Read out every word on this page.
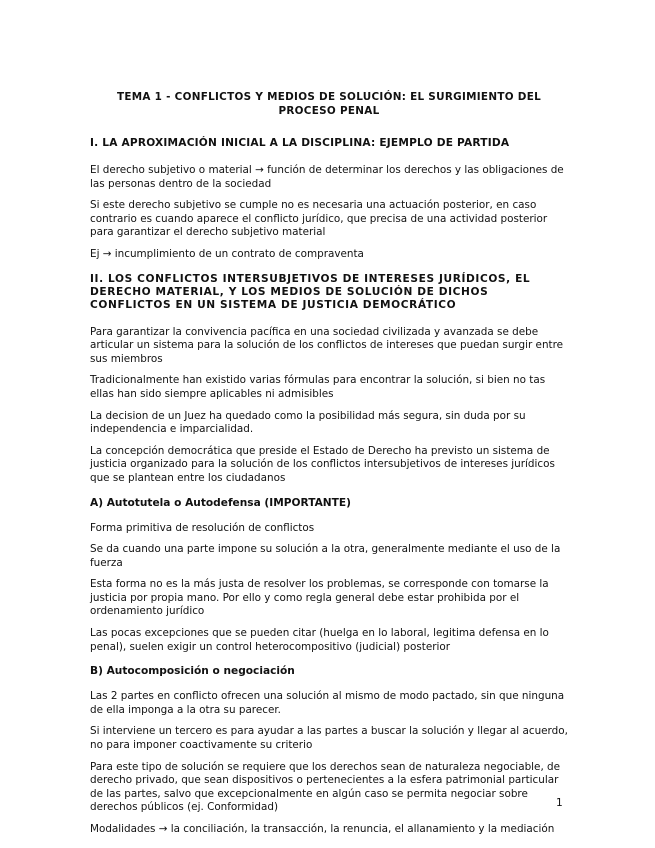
TEMA 1 - CONFLICTOS Y MEDIOS DE SOLUCIÓN: EL SURGIMIENTO DEL PROCESO PENAL
I. LA APROXIMACIÓN INICIAL A LA DISCIPLINA: EJEMPLO DE PARTIDA

El derecho subjetivo o material → función de determinar los derechos y las obligaciones de las personas dentro de la sociedad

Si este derecho subjetivo se cumple no es necesaria una actuación posterior, en caso contrario es cuando aparece el conflicto jurídico, que precisa de una actividad posterior para garantizar el derecho subjetivo material

Ej → incumplimiento de un contrato de compraventa

II. LOS CONFLICTOS INTERSUBJETIVOS DE INTERESES JURÍDICOS, EL DERECHO MATERIAL, Y LOS MEDIOS DE SOLUCIÓN DE DICHOS CONFLICTOS EN UN SISTEMA DE JUSTICIA DEMOCRÁTICO

Para garantizar la convivencia pacífica en una sociedad civilizada y avanzada se debe articular un sistema para la solución de los conflictos de intereses que puedan surgir entre sus miembros

Tradicionalmente han existido varias fórmulas para encontrar la solución, si bien no tas ellas han sido siempre aplicables ni admisibles

La decision de un Juez ha quedado como la posibilidad más segura, sin duda por su independencia e imparcialidad.

La concepción democrática que preside el Estado de Derecho ha previsto un sistema de justicia organizado para la solución de los conflictos intersubjetivos de intereses jurídicos que se plantean entre los ciudadanos

A) Autotutela o Autodefensa (IMPORTANTE)

Forma primitiva de resolución de conflictos

Se da cuando una parte impone su solución a la otra, generalmente mediante el uso de la fuerza

Esta forma no es la más justa de resolver los problemas, se corresponde con tomarse la justicia por propia mano. Por ello y como regla general debe estar prohibida por el ordenamiento jurídico

Las pocas excepciones que se pueden citar (huelga en lo laboral, legitima defensa en lo penal), suelen exigir un control heterocompositivo (judicial) posterior

B) Autocomposición o negociación

Las 2 partes en conflicto ofrecen una solución al mismo de modo pactado, sin que ninguna de ella imponga a la otra su parecer.

Si interviene un tercero es para ayudar a las partes a buscar la solución y llegar al acuerdo, no para imponer coactivamente su criterio

Para este tipo de solución se requiere que los derechos sean de naturaleza negociable, de derecho privado, que sean dispositivos o pertenecientes a la esfera patrimonial particular de las partes, salvo que excepcionalmente en algún caso se permita negociar sobre derechos públicos (ej. Conformidad)

Modalidades → la conciliación, la transacción, la renuncia, el allanamiento y la mediación

1
